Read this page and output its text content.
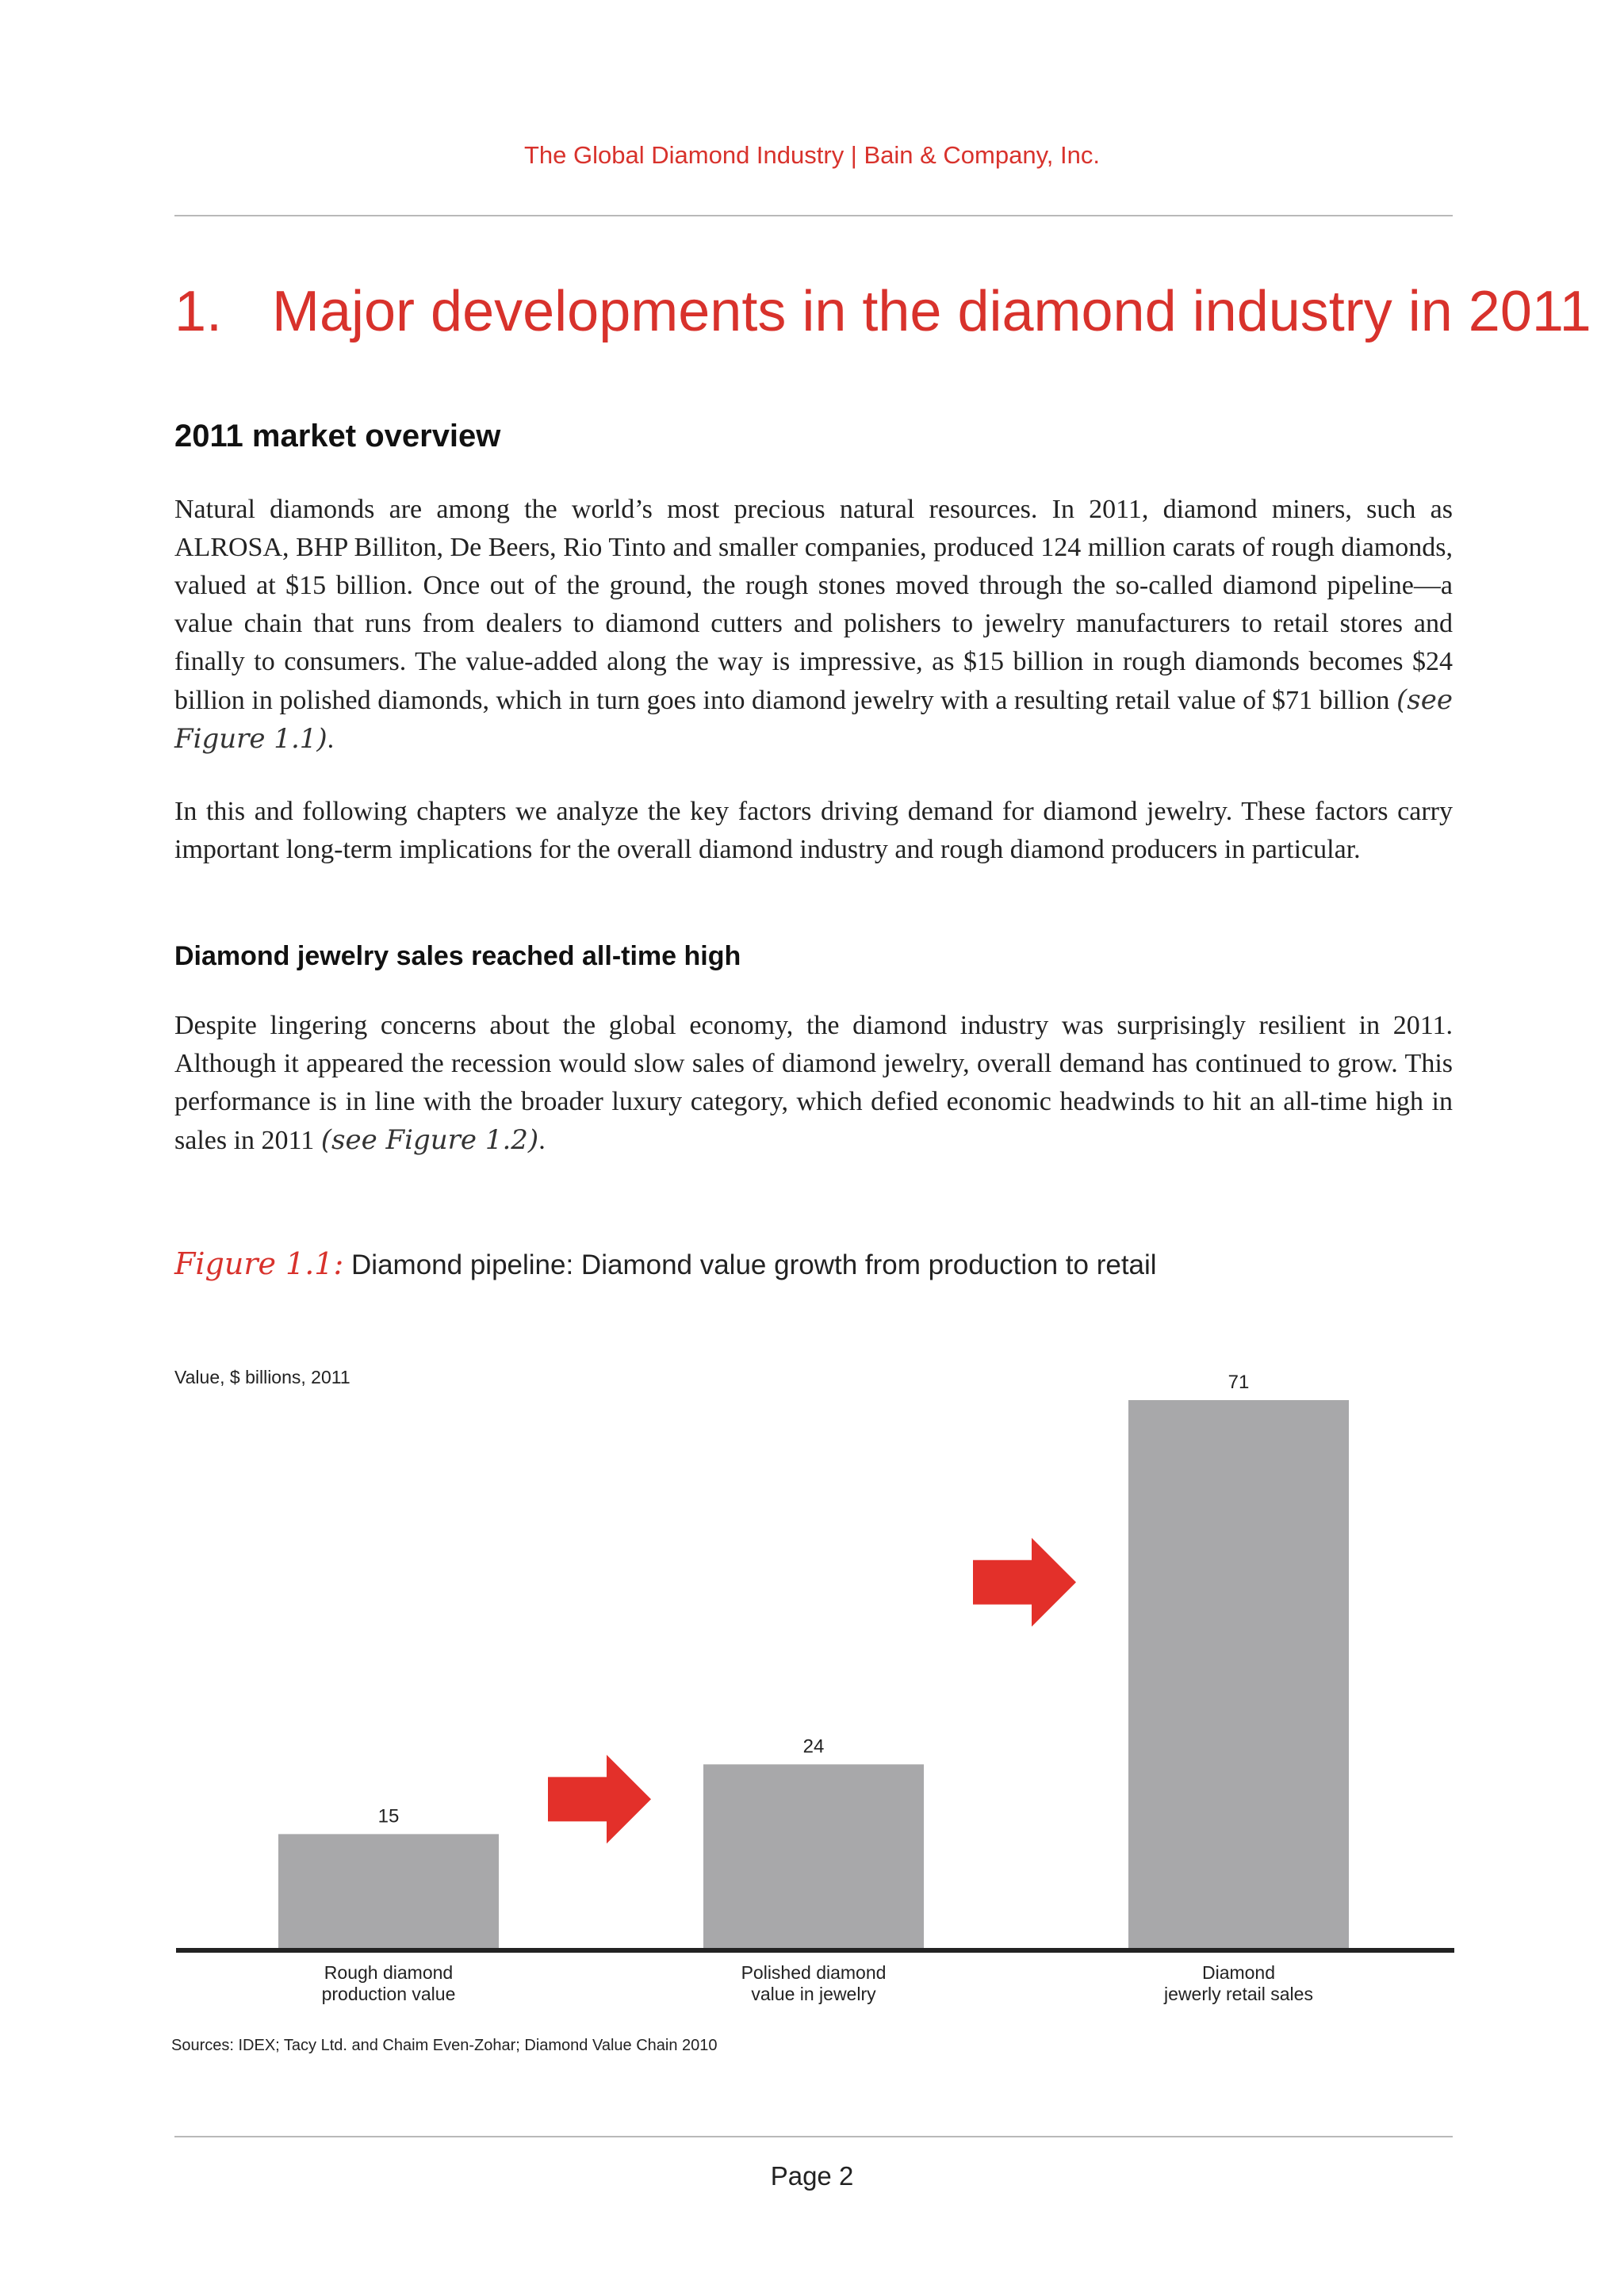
The Global Diamond Industry | Bain & Company, Inc.
1. Major developments in the diamond industry in 2011
2011 market overview

Natural diamonds are among the world’s most precious natural resources. In 2011, diamond miners, such as ALROSA, BHP Billiton, De Beers, Rio Tinto and smaller companies, produced 124 million carats of rough diamonds, valued at $15 billion. Once out of the ground, the rough stones moved through the so-called diamond pipeline—a value chain that runs from dealers to diamond cutters and polishers to jewelry manufacturers to retail stores and finally to consumers. The value-added along the way is impressive, as $15 billion in rough diamonds becomes $24 billion in polished diamonds, which in turn goes into diamond jewelry with a resulting retail value of $71 billion (see Figure 1.1).

In this and following chapters we analyze the key factors driving demand for diamond jewelry. These factors carry important long-term implications for the overall diamond industry and rough diamond producers in particular.

Diamond jewelry sales reached all-time high

Despite lingering concerns about the global economy, the diamond industry was surprisingly resilient in 2011. Although it appeared the recession would slow sales of diamond jewelry, overall demand has continued to grow. This performance is in line with the broader luxury category, which defied economic headwinds to hit an all-time high in sales in 2011 (see Figure 1.2).

Figure 1.1: Diamond pipeline: Diamond value growth from production to retail
Value, $ billions, 2011
15
Rough diamond
production value
24
Polished diamond
value in jewelry
71
Diamond
jewerly retail sales
Sources: IDEX; Tacy Ltd. and Chaim Even-Zohar; Diamond Value Chain 2010
Page 2
